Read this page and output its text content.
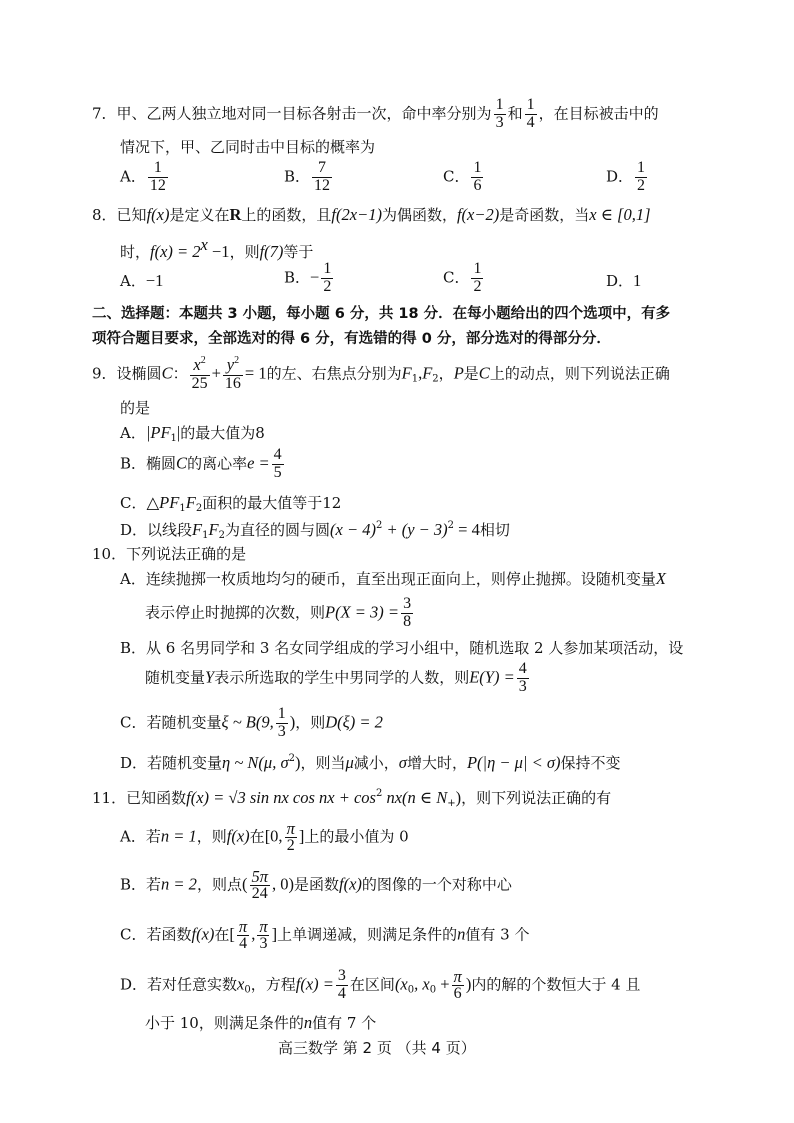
7．甲、乙两人独立地对同一目标各射击一次，命中率分别为 $\frac{1}{3}$ 和 $\frac{1}{4}$ ，在目标被击中的
情况下，甲、乙同时击中目标的概率为
A． $\frac{1}{12}$	B． $\frac{7}{12}$	C． $\frac{1}{6}$	D． $\frac{1}{2}$
8．已知f(x)是定义在R上的函数，且f(2x−1)为偶函数，f(x−2)是奇函数，当x ∈ [0,1]
时，$f(x) = 2^x -1$，则f(7)等于
A．−1	B．− $\frac{1}{2}$	C． $\frac{1}{2}$	D．1
二、选择题：本题共 3 小题，每小题 6 分，共 18 分．在每小题给出的四个选项中，有多
项符合题目要求，全部选对的得 6 分，有选错的得 0 分，部分选对的得部分分．
9．设椭圆C： $\frac{x^2}{25} + \frac{y^2}{16} = 1$的左、右焦点分别为$F_1,F_2$，P是C上的动点，则下列说法正确
的是
A．$|PF_1|$的最大值为8
B．椭圆C的离心率$e = \frac{4}{5}$
C．$\triangle PF_1F_2$面积的最大值等于12
D．以线段$F_1F_2$为直径的圆与圆$(x - 4)^2 + (y - 3)^2 = 4$相切
10．下列说法正确的是
A．连续抛掷一枚质地均匀的硬币，直至出现正面向上，则停止抛掷。设随机变量X
表示停止时抛掷的次数，则$P(X = 3) = \frac{3}{8}$
B．从 6 名男同学和 3 名女同学组成的学习小组中，随机选取 2 人参加某项活动，设
随机变量Y表示所选取的学生中男同学的人数，则$E(Y) = \frac{4}{3}$
C．若随机变量ξ ~ B(9, $\frac{1}{3}$ )，则D(ξ) = 2
D．若随机变量η ~ N(μ, $\sigma^2$)，则当μ减小，σ增大时，P(|η − μ| < σ)保持不变
11．已知函数f(x) = √3 sin nx cos nx + $\cos^2 nx(n$ ∈ $N_+$)，则下列说法正确的有
A．若n = 1，则f(x)在[0, $\frac{\pi}{2}$ ]上的最小值为 0
B．若n = 2，则点( $\frac{5\pi}{24}$ , 0)是函数f(x)的图像的一个对称中心
C．若函数f(x)在[ $\frac{\pi}{4}$ , $\frac{\pi}{3}$ ]上单调递减，则满足条件的n值有 3 个
D．若对任意实数$x_0$，方程$f(x) = \frac{3}{4}$ 在区间($x_0$, $x_0 + \frac{\pi}{6}$ )内的解的个数恒大于 4 且
小于 10，则满足条件的n值有 7 个
高三数学 第 2 页 （共 4 页）
